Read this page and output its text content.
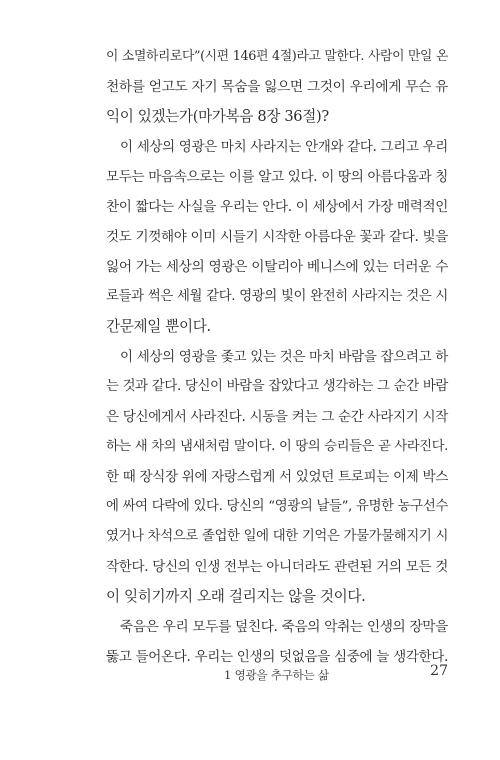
이 소멸하리로다”(시편 146편 4절)라고 말한다. 사람이 만일 온
천하를 얻고도 자기 목숨을 잃으면 그것이 우리에게 무슨 유
익이 있겠는가(마가복음 8장 36절)?

이 세상의 영광은 마치 사라지는 안개와 같다. 그리고 우리
모두는 마음속으로는 이를 알고 있다. 이 땅의 아름다움과 칭
찬이 짧다는 사실을 우리는 안다. 이 세상에서 가장 매력적인
것도 기껏해야 이미 시들기 시작한 아름다운 꽃과 같다. 빛을
잃어 가는 세상의 영광은 이탈리아 베니스에 있는 더러운 수
로들과 썩은 세월 같다. 영광의 빛이 완전히 사라지는 것은 시
간문제일 뿐이다.

이 세상의 영광을 좇고 있는 것은 마치 바람을 잡으려고 하
는 것과 같다. 당신이 바람을 잡았다고 생각하는 그 순간 바람
은 당신에게서 사라진다. 시동을 켜는 그 순간 사라지기 시작
하는 새 차의 냄새처럼 말이다. 이 땅의 승리들은 곧 사라진다.
한 때 장식장 위에 자랑스럽게 서 있었던 트로피는 이제 박스
에 싸여 다락에 있다. 당신의 “영광의 날들”, 유명한 농구선수
였거나 차석으로 졸업한 일에 대한 기억은 가물가물해지기 시
작한다. 당신의 인생 전부는 아니더라도 관련된 거의 모든 것
이 잊히기까지 오래 걸리지는 않을 것이다.

죽음은 우리 모두를 덮친다. 죽음의 악취는 인생의 장막을
뚫고 들어온다. 우리는 인생의 덧없음을 심중에 늘 생각한다.

1 영광을 추구하는 삶	27
